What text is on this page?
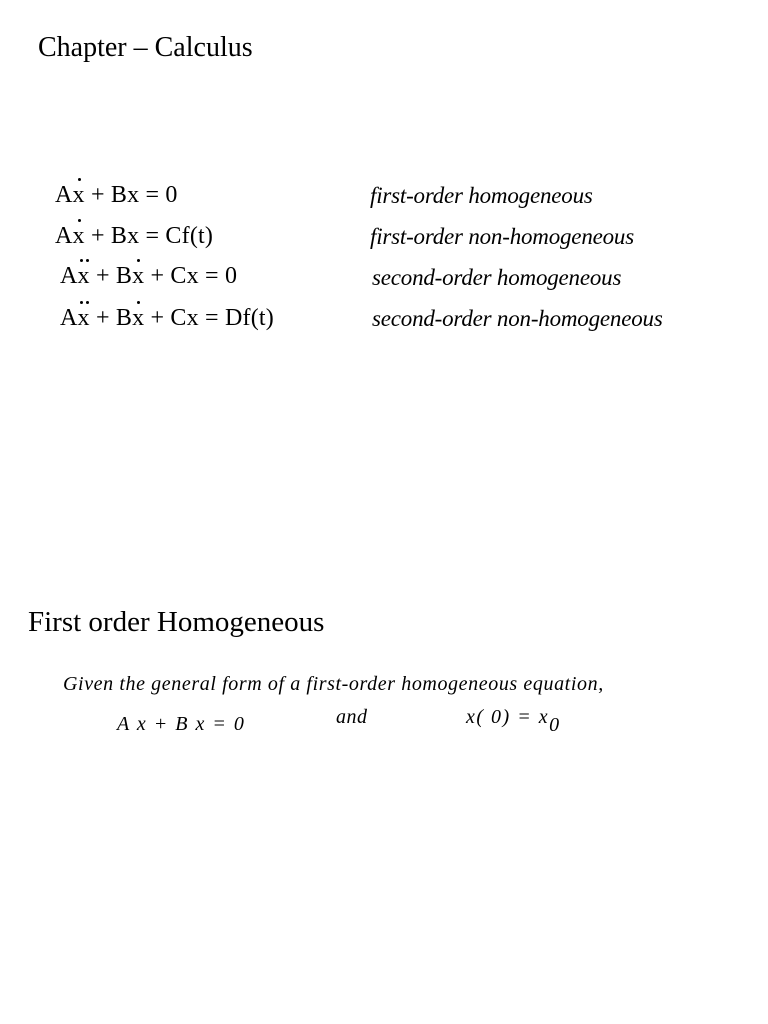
Chapter – Calculus
Ax + Bx = 0	first-order homogeneous
Ax + Bx = Cf(t)	first-order non-homogeneous
Ax + Bx + Cx = 0	second-order homogeneous
Ax + Bx + Cx = Df(t)	second-order non-homogeneous
First order Homogeneous
Given the general form of a first-order homogeneous equation,
A x + B x = 0	and	x( 0) = x0
